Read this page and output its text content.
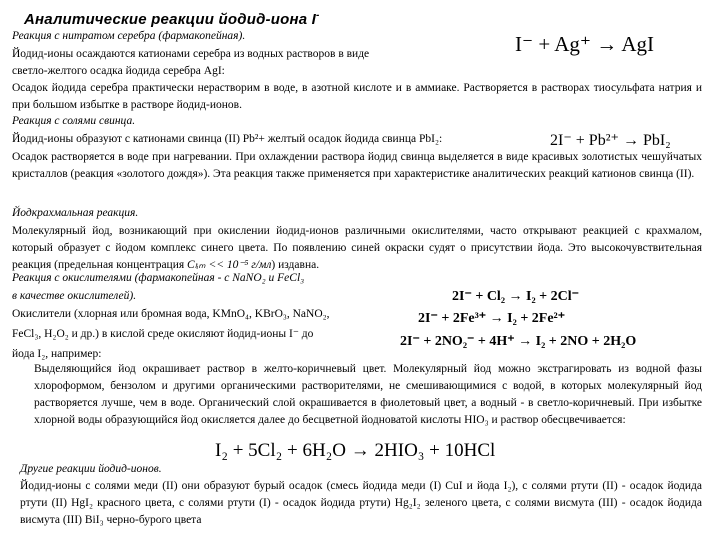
Аналитические реакции йодид-иона I-
Реакция с нитратом серебра (фармакопейная).
Йодид-ионы осаждаются катионами серебра из водных растворов в виде
светло-желтого осадка йодида серебра AgI:
I⁻ + Ag⁺ → AgI
Осадок йодида серебра практически нерастворим в воде, в азотной кислоте и в аммиаке. Растворяется в растворах тиосульфата натрия и при большом избытке в растворе йодид-ионов.
Реакция с солями свинца.
Йодид-ионы образуют с катионами свинца (II) Pb²+ желтый осадок йодида свинца PbI₂:	2I⁻ + Pb²⁺ → PbI₂
Осадок растворяется в воде при нагревании. При охлаждении раствора йодид свинца выделяется в виде красивых золотистых чешуйчатых кристаллов (реакция «золотого дождя»). Эта реакция также применяется при характеристике аналитических реакций катионов свинца (II).
Йодкрахмальная реакция.
Молекулярный йод, возникающий при окислении йодид-ионов различными окислителями, часто открывают реакцией с крахмалом, который образует с йодом комплекс синего цвета. По появлению синей окраски судят о присутствии йода. Это высокочувствительная реакция (предельная концентрация Cₗᵢₘ << 10⁻⁵ г/мл) издавна.
Реакция с окислителями (фармакопейная - с NaNO₂ и FeCl₃
в качестве окислителей).
Окислители (хлорная или бромная вода, KMnO₄, KBrO₃, NaNO₂,
FeCl₃, H₂O₂ и др.) в кислой среде окисляют йодид-ионы I⁻ до
йода I₂, например:
2I⁻ + Cl₂ → I₂ + 2Cl⁻
2I⁻ + 2Fe³⁺ → I₂ + 2Fe²⁺
2I⁻ + 2NO₂⁻ + 4H⁺ → I₂ + 2NO + 2H₂O
Выделяющийся йод окрашивает раствор в желто-коричневый цвет. Молекулярный йод можно экстрагировать из водной фазы хлороформом, бензолом и другими органическими растворителями, не смешивающимися с водой, в которых молекулярный йод растворяется лучше, чем в воде. Органический слой окрашивается в фиолетовый цвет, а водный - в светло-коричневый. При избытке хлорной воды образующийся йод окисляется далее до бесцветной йодноватой кислоты HIO₃ и раствор обесцвечивается:
I₂ + 5Cl₂ + 6H₂O → 2HIO₃ + 10HCl
Другие реакции йодид-ионов.
Йодид-ионы с солями меди (II) они образуют бурый осадок (смесь йодида меди (I) CuI и йода I₂), с солями ртути (II) - осадок йодида ртути (II) HgI₂ красного цвета, с солями ртути (I) - осадок йодида ртути) Hg₂I₂ зеленого цвета, с солями висмута (III) - осадок йодида висмута (III) BiI₃ черно-бурого цвета
